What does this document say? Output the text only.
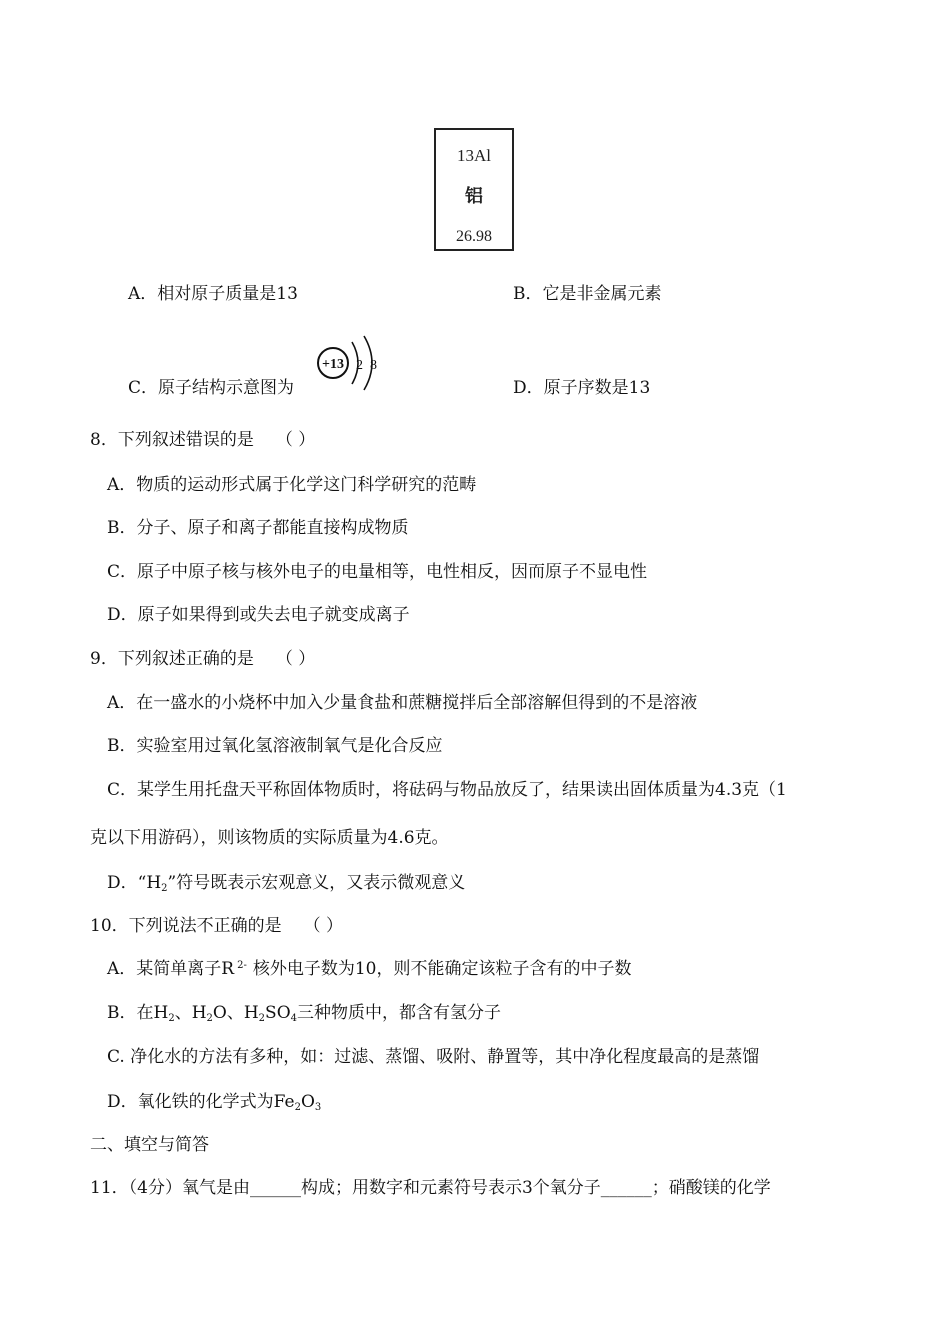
13Al
铝
26.98
A．相对原子质量是13	B．它是非金属元素
C．原子结构示意图为	D．原子序数是13
+13 2 8
8．下列叙述错误的是 （ ）
A．物质的运动形式属于化学这门科学研究的范畴
B．分子、原子和离子都能直接构成物质
C．原子中原子核与核外电子的电量相等，电性相反，因而原子不显电性
D．原子如果得到或失去电子就变成离子
9．下列叙述正确的是 （ ）
A．在一盛水的小烧杯中加入少量食盐和蔗糖搅拌后全部溶解但得到的不是溶液
B．实验室用过氧化氢溶液制氧气是化合反应
C．某学生用托盘天平称固体物质时，将砝码与物品放反了，结果读出固体质量为4.3克（1
克以下用游码），则该物质的实际质量为4.6克。
D．“$H_2$”符号既表示宏观意义，又表示微观意义
10．下列说法不正确的是 （ ）
A．某简单离子R $^{2-}$ 核外电子数为10，则不能确定该粒子含有的中子数
B．在$H_2$、$H_2O$、$H_2SO_4$三种物质中，都含有氢分子
C. 净化水的方法有多种，如：过滤、蒸馏、吸附、静置等，其中净化程度最高的是蒸馏
D．氧化铁的化学式为$Fe_2O_3$
二、填空与简答
11．（4分）氧气是由______构成；用数字和元素符号表示3个氧分子______；硝酸镁的化学
